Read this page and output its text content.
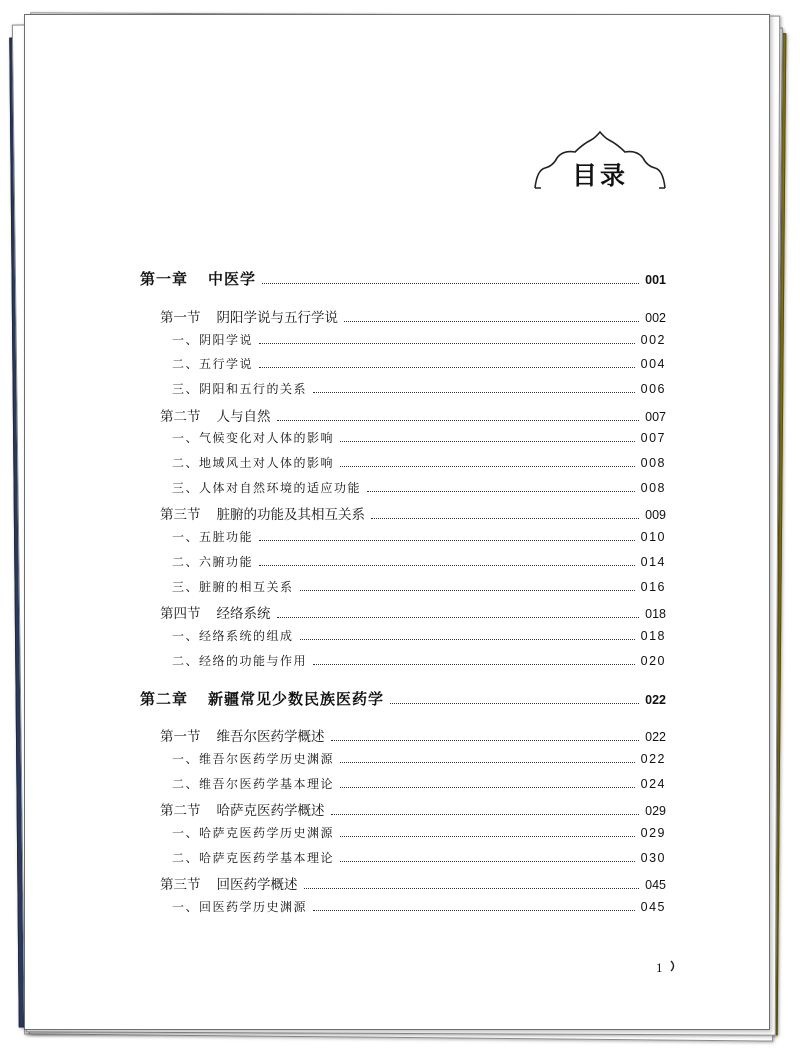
目录
第一章 中医学	001
第一节 阴阳学说与五行学说	002
一、阴阳学说	002
二、五行学说	004
三、阴阳和五行的关系	006
第二节 人与自然	007
一、气候变化对人体的影响	007
二、地域风土对人体的影响	008
三、人体对自然环境的适应功能	008
第三节 脏腑的功能及其相互关系	009
一、五脏功能	010
二、六腑功能	014
三、脏腑的相互关系	016
第四节 经络系统	018
一、经络系统的组成	018
二、经络的功能与作用	020
第二章 新疆常见少数民族医药学	022
第一节 维吾尔医药学概述	022
一、维吾尔医药学历史渊源	022
二、维吾尔医药学基本理论	024
第二节 哈萨克医药学概述	029
一、哈萨克医药学历史渊源	029
二、哈萨克医药学基本理论	030
第三节 回医药学概述	045
一、回医药学历史渊源	045
1
